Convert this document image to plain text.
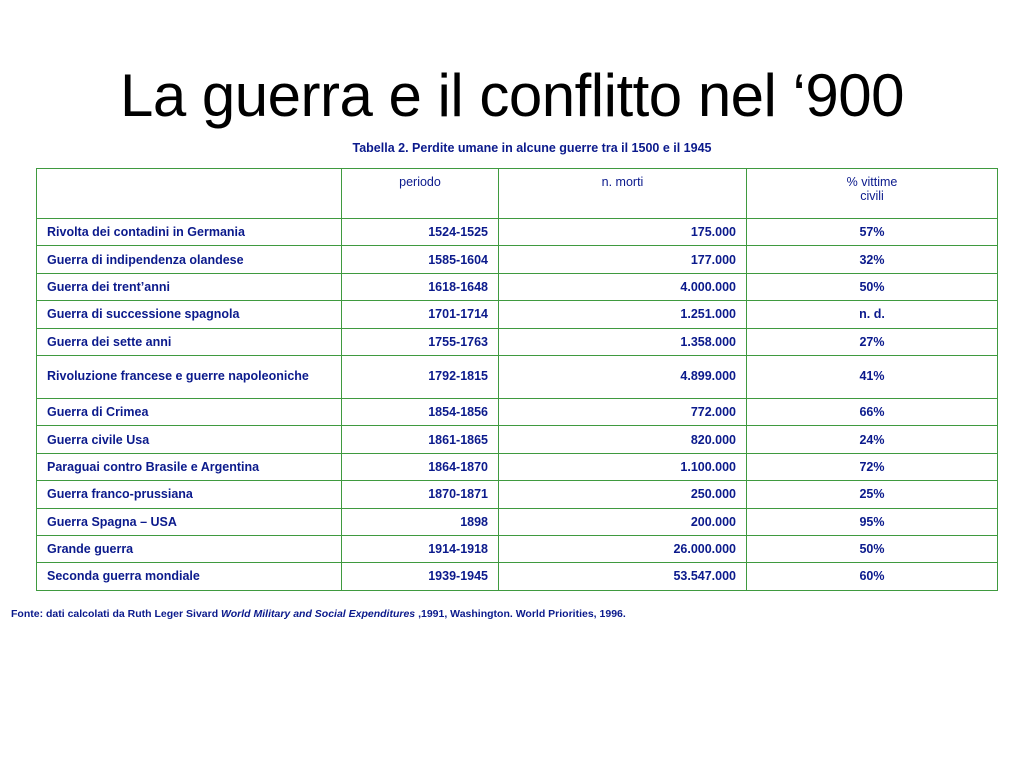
La guerra e il conflitto nel ‘900
Tabella 2. Perdite umane in alcune guerre tra il 1500 e il 1945
	periodo	n. morti	% vittime
civili
Rivolta dei contadini in Germania	1524-1525	175.000	57%
Guerra di indipendenza olandese	1585-1604	177.000	32%
Guerra dei trent’anni	1618-1648	4.000.000	50%
Guerra di successione spagnola	1701-1714	1.251.000	n. d.
Guerra dei sette anni	1755-1763	1.358.000	27%
Rivoluzione francese e guerre napoleoniche	1792-1815	4.899.000	41%
Guerra di Crimea	1854-1856	772.000	66%
Guerra civile Usa	1861-1865	820.000	24%
Paraguai contro Brasile e Argentina	1864-1870	1.100.000	72%
Guerra franco-prussiana	1870-1871	250.000	25%
Guerra Spagna – USA	1898	200.000	95%
Grande guerra	1914-1918	26.000.000	50%
Seconda guerra mondiale	1939-1945	53.547.000	60%
Fonte: dati calcolati da Ruth Leger Sivard World Military and Social Expenditures ,1991, Washington. World Priorities, 1996.
